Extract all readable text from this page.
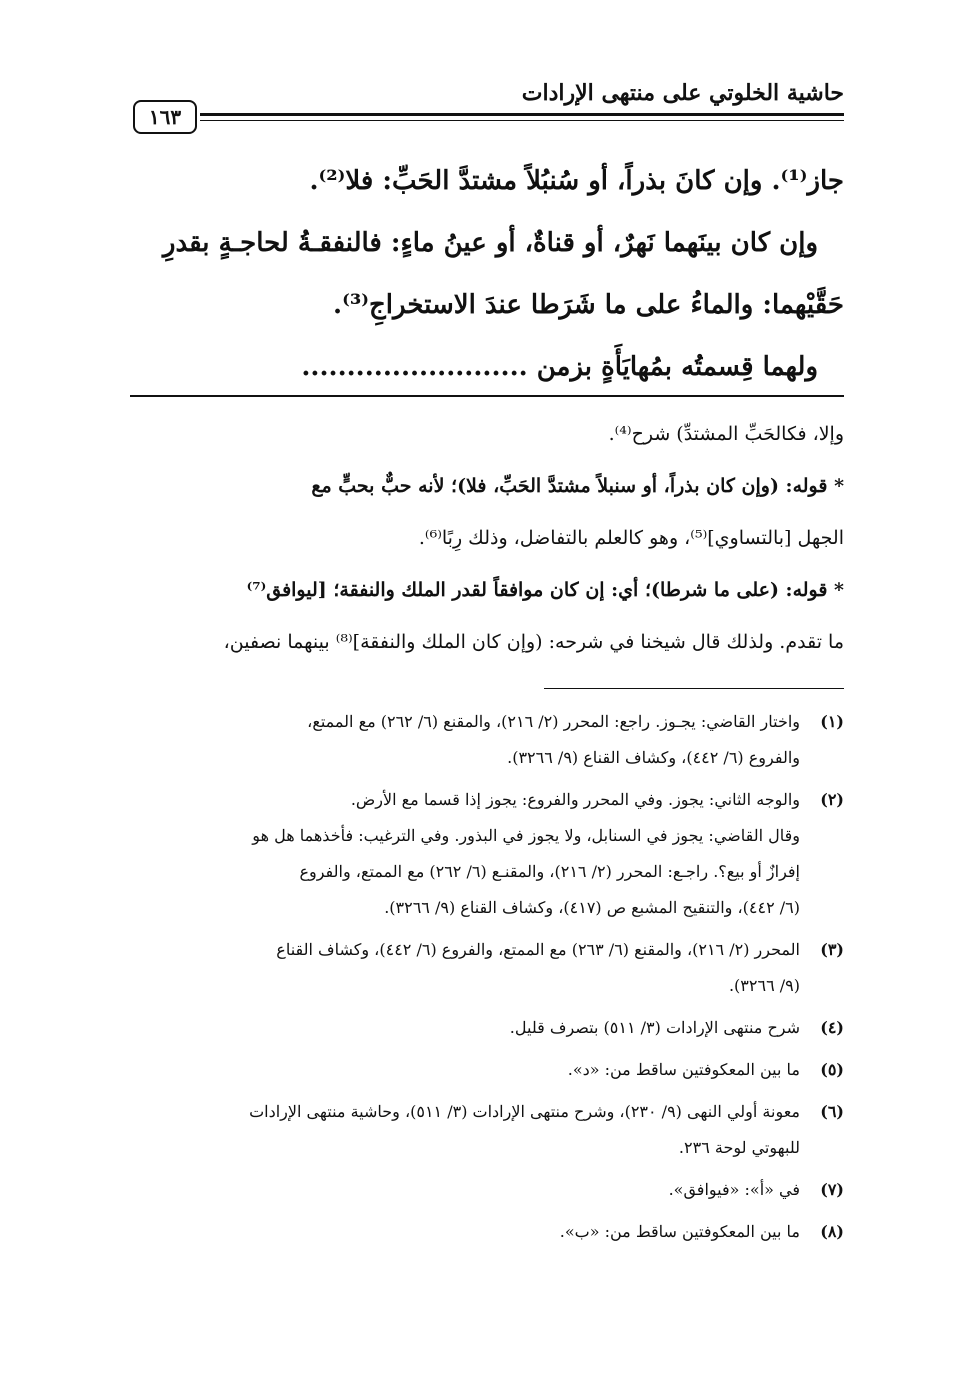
حاشية الخلوتي على منتهى الإرادات
١٦٣

جاز⁽¹⁾. وإن كانَ بذراً، أو سُنبُلاً مشتدَّ الحَبِّ: فلا⁽²⁾.

وإن كان بينَهما نَهرٌ، أو قناةٌ، أو عينُ ماءٍ: فالنفقـةُ لحاجـةٍ بقدرِ

حَقَّيْهما: والماءُ على ما شَرَطا عندَ الاستخراجِ⁽³⁾.

ولهما قِسمتُه بمُهايَأَةٍ بزمن .........................

وإلا، فكالحَبِّ المشتدِّ) شرح⁽⁴⁾.

* قوله: (وإن كان بذراً، أو سنبلاً مشتدَّ الحَبِّ، فلا)؛ لأنه حبٌّ بحبٍّ مع

الجهل [بالتساوي]⁽⁵⁾، وهو كالعلم بالتفاضل، وذلك رِبًا⁽⁶⁾.

* قوله: (على ما شرطا)؛ أي: إن كان موافقاً لقدر الملك والنفقة؛ [ليوافق⁽⁷⁾

ما تقدم. ولذلك قال شيخنا في شرحه: (وإن كان الملك والنفقة]⁽⁸⁾ بينهما نصفين،

(١)
واختار القاضي: يجـوز. راجع: المحرر (٢/ ٢١٦)، والمقنع (٦/ ٢٦٢) مع الممتع،
والفروع (٦/ ٤٤٢)، وكشاف القناع (٩/ ٣٢٦٦).
(٢)
والوجه الثاني: يجوز. وفي المحرر والفروع: يجوز إذا قسما مع الأرض.
وقال القاضي: يجوز في السنابل، ولا يجوز في البذور. وفي الترغيب: فأخذهما هل هو
إفرازٌ أو بيع؟. راجـع: المحرر (٢/ ٢١٦)، والمقنـع (٦/ ٢٦٢) مع الممتع، والفروع
(٦/ ٤٤٢)، والتنقيح المشبع ص (٤١٧)، وكشاف القناع (٩/ ٣٢٦٦).
(٣)
المحرر (٢/ ٢١٦)، والمقنع (٦/ ٢٦٣) مع الممتع، والفروع (٦/ ٤٤٢)، وكشاف القناع
(٩/ ٣٢٦٦).
(٤)
شرح منتهى الإرادات (٣/ ٥١١) بتصرف قليل.
(٥)
ما بين المعكوفتين ساقط من: «د».
(٦)
معونة أولي النهى (٩/ ٢٣٠)، وشرح منتهى الإرادات (٣/ ٥١١)، وحاشية منتهى الإرادات
للبهوتي لوحة ٢٣٦.
(٧)
في «أ»: «فيوافق».
(٨)
ما بين المعكوفتين ساقط من: «ب».
